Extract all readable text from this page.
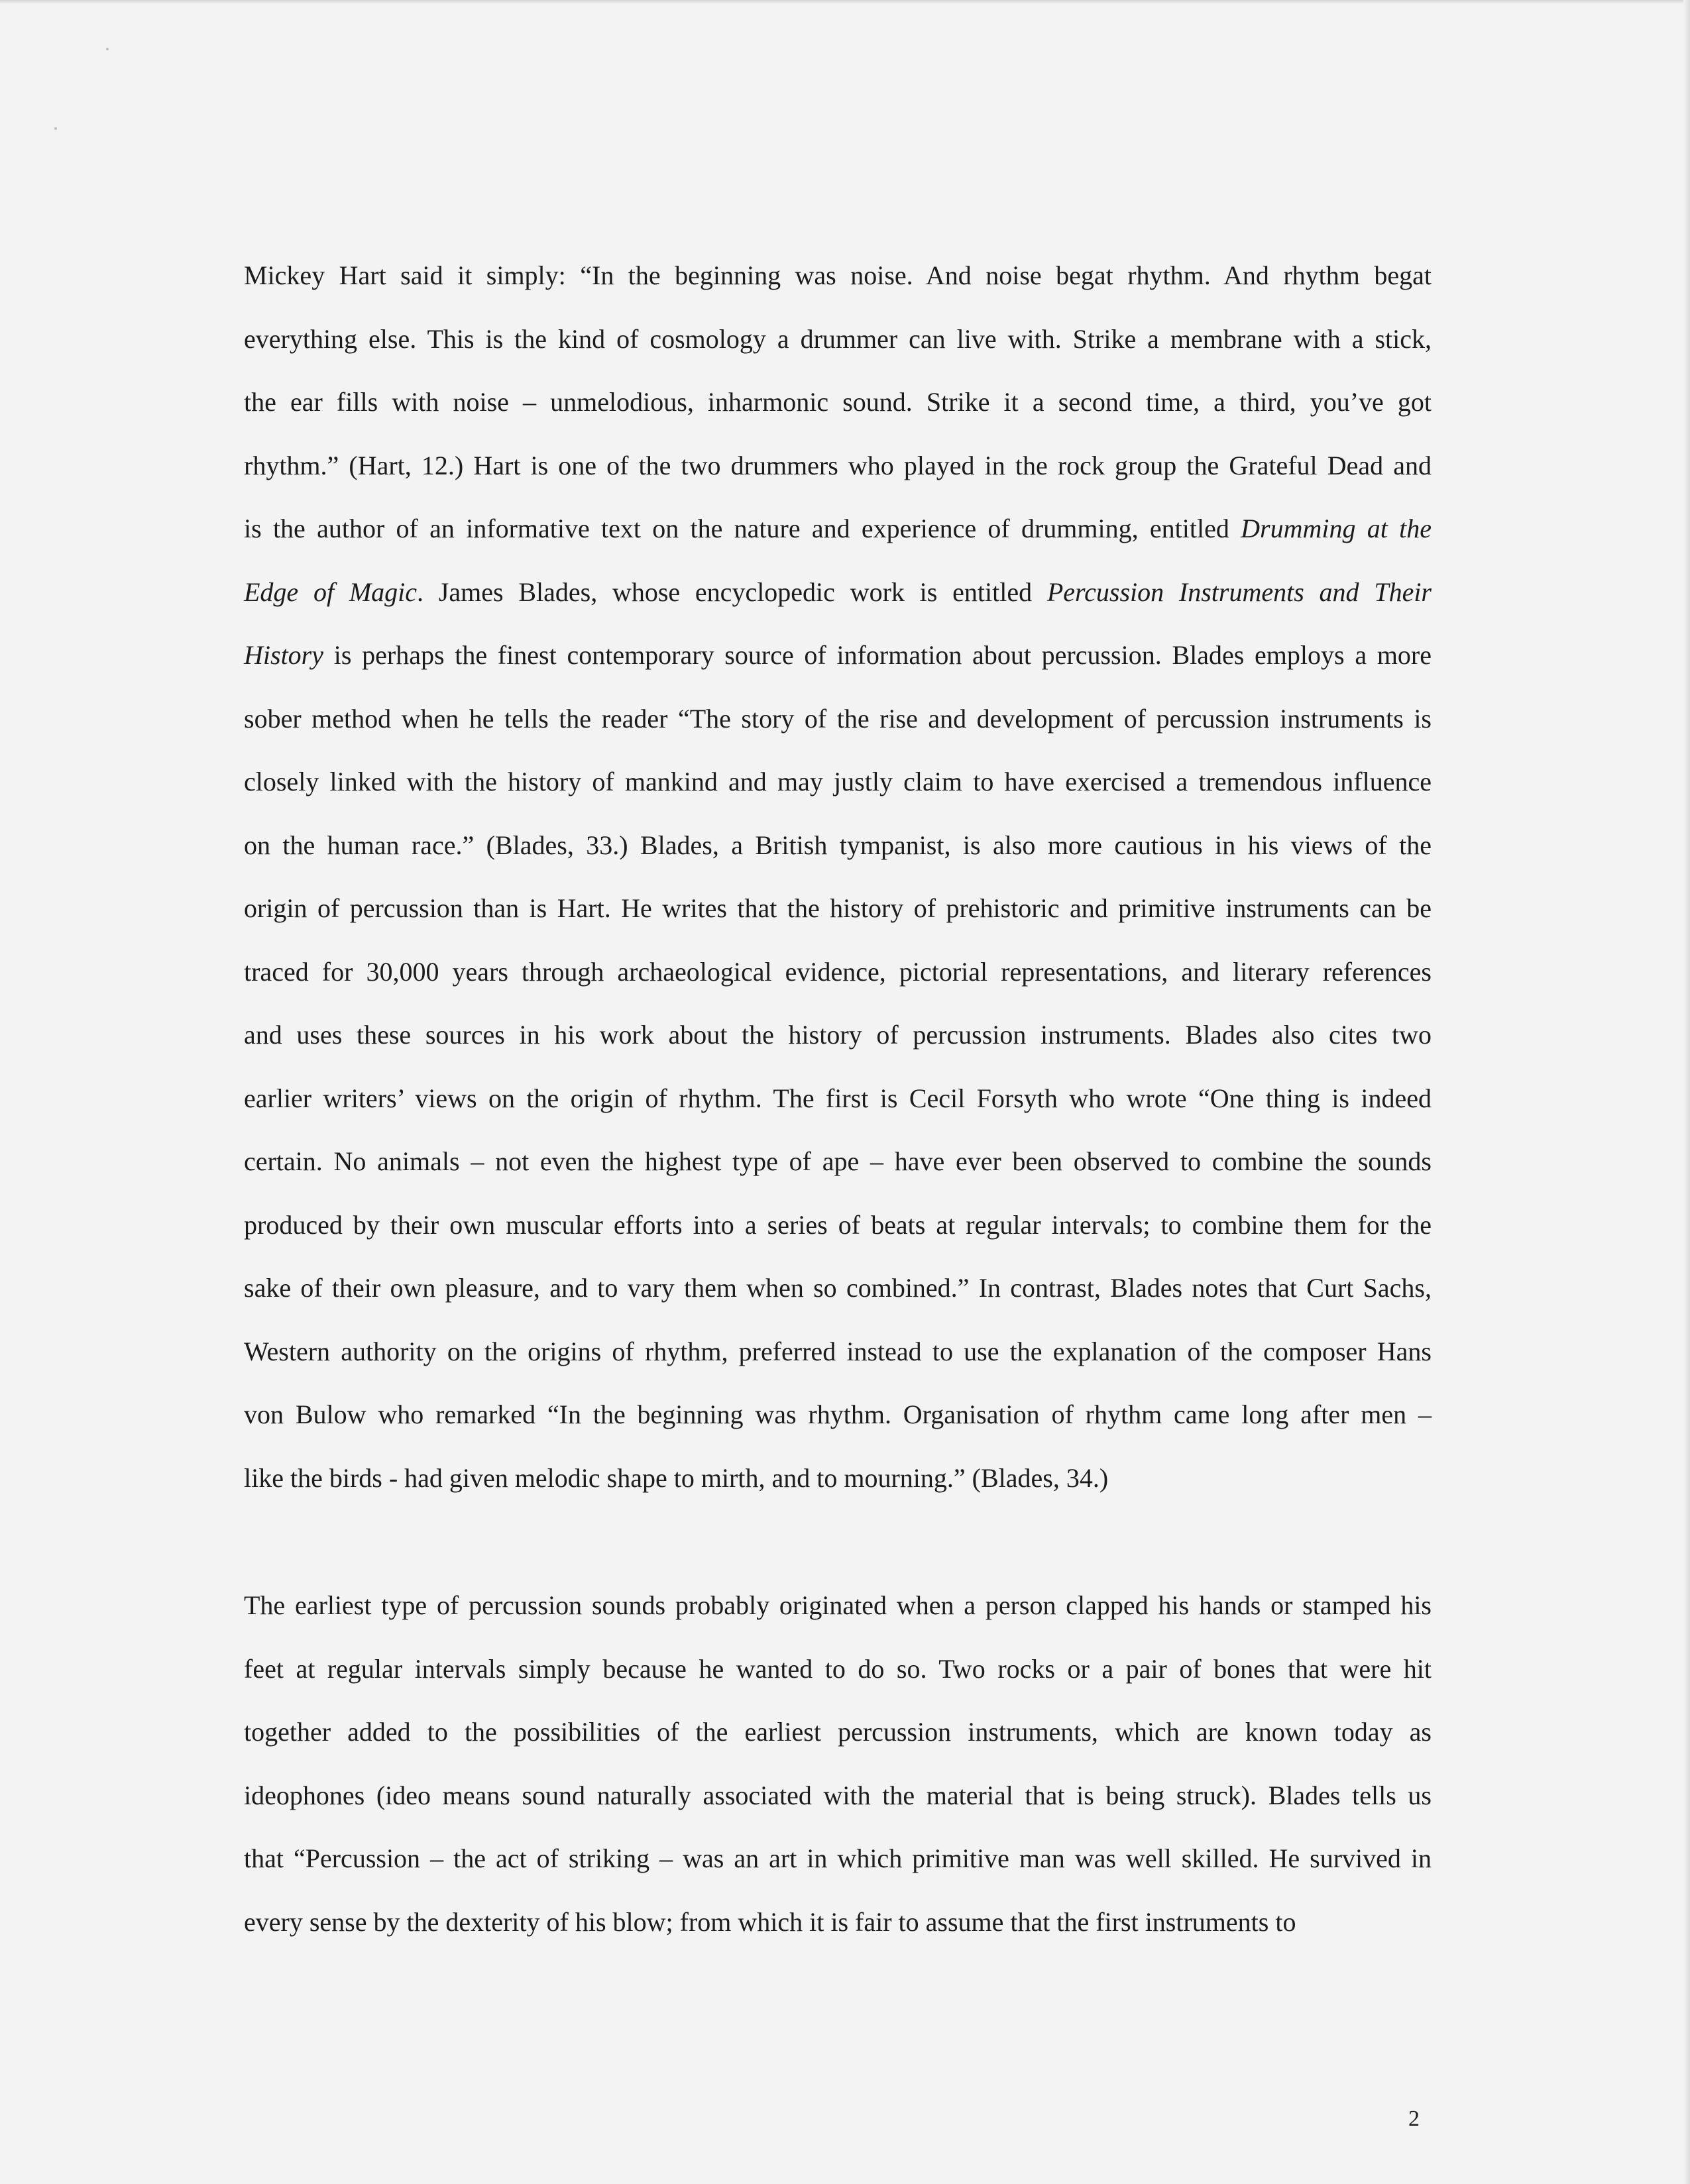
Mickey Hart said it simply: “In the beginning was noise. And noise begat rhythm. And rhythm begat
everything else. This is the kind of cosmology a drummer can live with. Strike a membrane with a stick,
the ear fills with noise – unmelodious, inharmonic sound. Strike it a second time, a third, you’ve got
rhythm.” (Hart, 12.) Hart is one of the two drummers who played in the rock group the Grateful Dead and
is the author of an informative text on the nature and experience of drumming, entitled Drumming at the
Edge of Magic. James Blades, whose encyclopedic work is entitled Percussion Instruments and Their
History is perhaps the finest contemporary source of information about percussion. Blades employs a more
sober method when he tells the reader “The story of the rise and development of percussion instruments is
closely linked with the history of mankind and may justly claim to have exercised a tremendous influence
on the human race.” (Blades, 33.) Blades, a British tympanist, is also more cautious in his views of the
origin of percussion than is Hart. He writes that the history of prehistoric and primitive instruments can be
traced for 30,000 years through archaeological evidence, pictorial representations, and literary references
and uses these sources in his work about the history of percussion instruments. Blades also cites two
earlier writers’ views on the origin of rhythm. The first is Cecil Forsyth who wrote “One thing is indeed
certain. No animals – not even the highest type of ape – have ever been observed to combine the sounds
produced by their own muscular efforts into a series of beats at regular intervals; to combine them for the
sake of their own pleasure, and to vary them when so combined.” In contrast, Blades notes that Curt Sachs,
Western authority on the origins of rhythm, preferred instead to use the explanation of the composer Hans
von Bulow who remarked “In the beginning was rhythm. Organisation of rhythm came long after men –
like the birds - had given melodic shape to mirth, and to mourning.” (Blades, 34.)
The earliest type of percussion sounds probably originated when a person clapped his hands or stamped his
feet at regular intervals simply because he wanted to do so. Two rocks or a pair of bones that were hit
together added to the possibilities of the earliest percussion instruments, which are known today as
ideophones (ideo means sound naturally associated with the material that is being struck). Blades tells us
that “Percussion – the act of striking – was an art in which primitive man was well skilled. He survived in
every sense by the dexterity of his blow; from which it is fair to assume that the first instruments to
2
